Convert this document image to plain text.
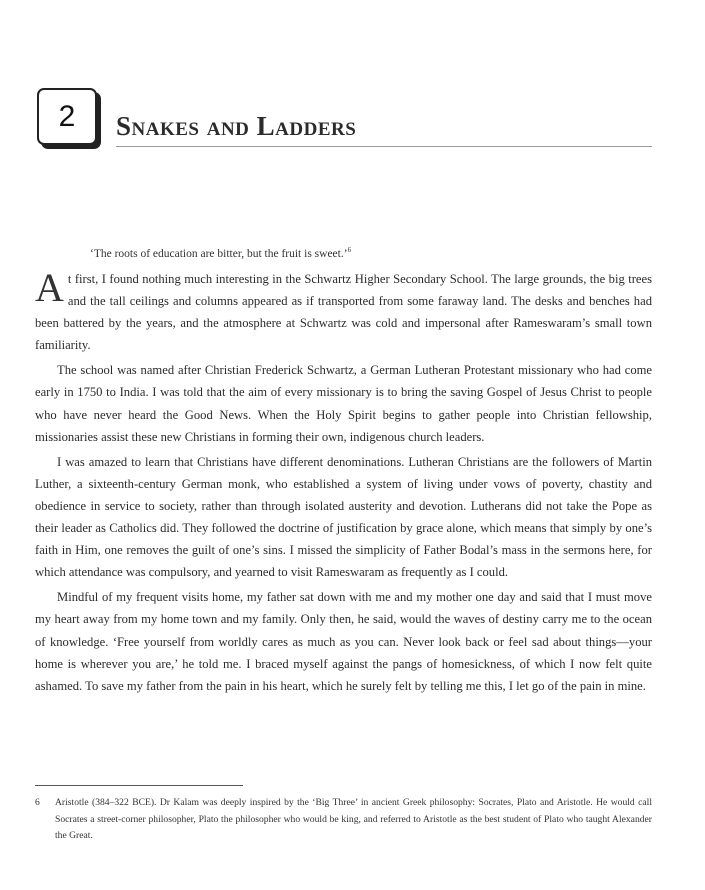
2 Snakes and Ladders
‘The roots of education are bitter, but the fruit is sweet.’$^6$

At first, I found nothing much interesting in the Schwartz Higher Secondary School. The large grounds, the big trees and the tall ceilings and columns appeared as if transported from some faraway land. The desks and benches had been battered by the years, and the atmosphere at Schwartz was cold and impersonal after Rameswaram’s small town familiarity.

The school was named after Christian Frederick Schwartz, a German Lutheran Protestant missionary who had come early in 1750 to India. I was told that the aim of every missionary is to bring the saving Gospel of Jesus Christ to people who have never heard the Good News. When the Holy Spirit begins to gather people into Christian fellowship, missionaries assist these new Christians in forming their own, indigenous church leaders.

I was amazed to learn that Christians have different denominations. Lutheran Christians are the followers of Martin Luther, a sixteenth-century German monk, who established a system of living under vows of poverty, chastity and obedience in service to society, rather than through isolated austerity and devotion. Lutherans did not take the Pope as their leader as Catholics did. They followed the doctrine of justification by grace alone, which means that simply by one’s faith in Him, one removes the guilt of one’s sins. I missed the simplicity of Father Bodal’s mass in the sermons here, for which attendance was compulsory, and yearned to visit Rameswaram as frequently as I could.

Mindful of my frequent visits home, my father sat down with me and my mother one day and said that I must move my heart away from my home town and my family. Only then, he said, would the waves of destiny carry me to the ocean of knowledge. ‘Free yourself from worldly cares as much as you can. Never look back or feel sad about things—your home is wherever you are,’ he told me. I braced myself against the pangs of homesickness, of which I now felt quite ashamed. To save my father from the pain in his heart, which he surely felt by telling me this, I let go of the pain in mine.

6 Aristotle (384–322 BCE). Dr Kalam was deeply inspired by the ‘Big Three’ in ancient Greek philosophy: Socrates, Plato and Aristotle. He would call Socrates a street-corner philosopher, Plato the philosopher who would be king, and referred to Aristotle as the best student of Plato who taught Alexander the Great.
